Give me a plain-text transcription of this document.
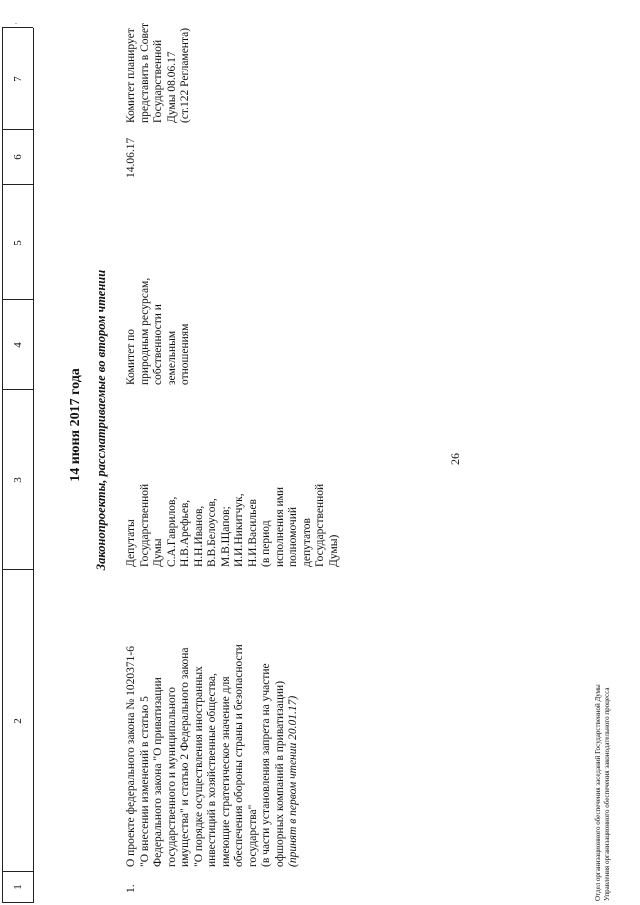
26
1
2
3
4
5
6
7
14 июня 2017 года Законопроекты, рассматриваемые во втором чтении
1.
О проекте федерального закона № 1020371-6
"О внесении изменений в статью 5
Федерального закона "О приватизации
государственного и муниципального
имущества" и статью 2 Федерального закона
"О порядке осуществления иностранных
инвестиций в хозяйственные общества,
имеющие стратегическое значение для
обеспечения обороны страны и безопасности
государства"
(в части установления запрета на участие
офшорных компаний в приватизации) (принят в первом чтении 20.01.17)
Депутаты
Государственной
Думы
С.А.Гаврилов,
Н.В.Арефьев,
Н.Н.Иванов,
В.В.Белоусов,
М.В.Щапов;
И.И.Никитчук,
Н.И.Васильев
(в период
исполнения ими
полномочий
депутатов
Государственной
Думы)
Комитет по
природным ресурсам,
собственности и
земельным
отношениям
14.06.17
Комитет планирует
представить в Совет
Государственной
Думы 08.06.17
(ст.122 Регламента)
Отдел организационного обеспечения заседаний Государственной Думы
Управления организационного обеспечения законодательного процесса
·
